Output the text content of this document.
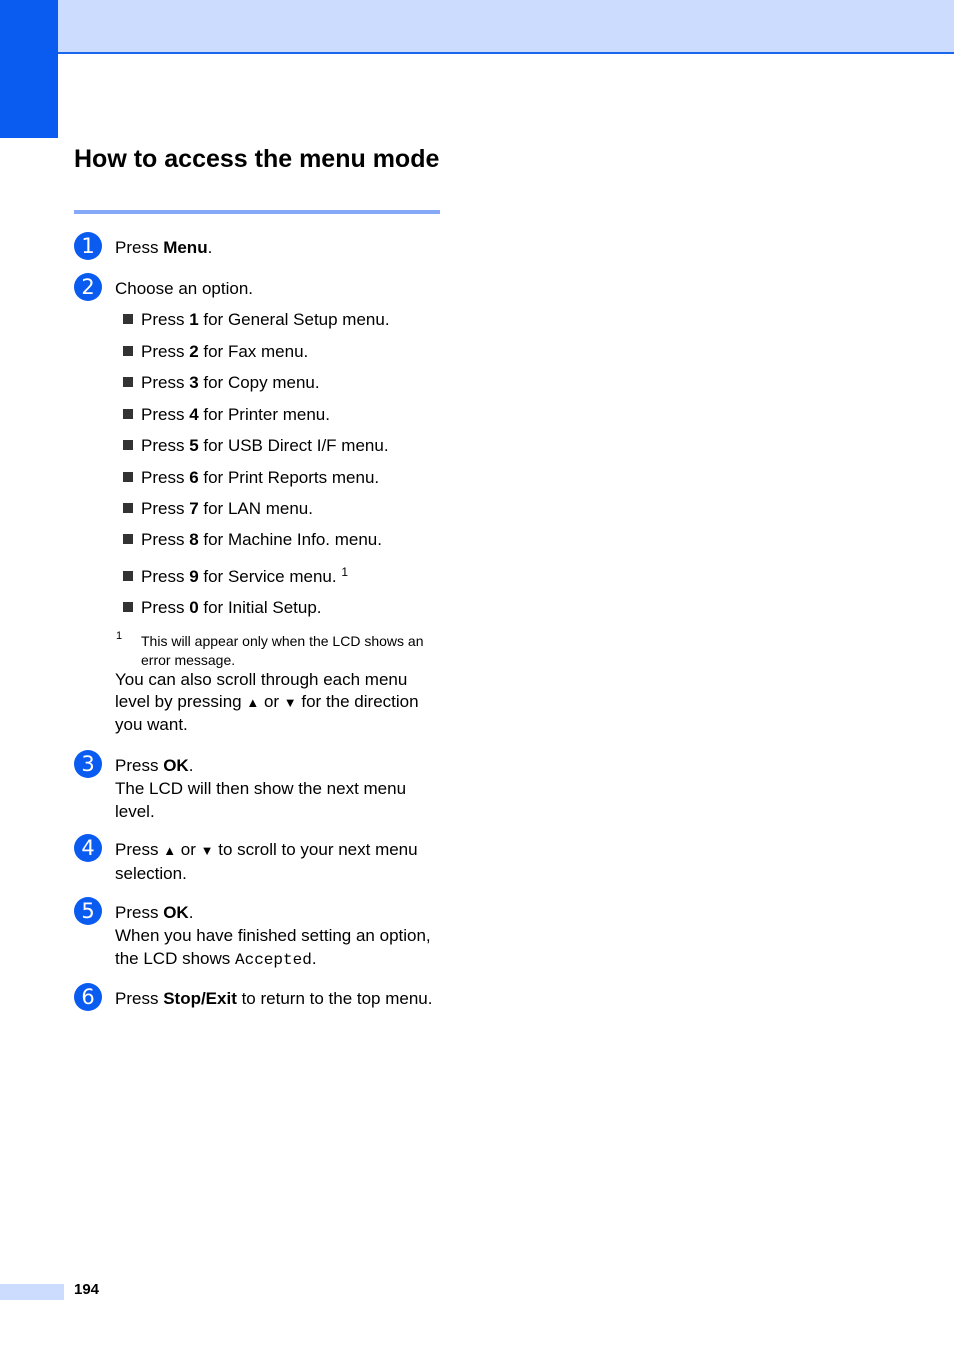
How to access the menu mode
1	Press Menu.
2	Choose an option.
Press 1 for General Setup menu.
Press 2 for Fax menu.
Press 3 for Copy menu.
Press 4 for Printer menu.
Press 5 for USB Direct I/F menu.
Press 6 for Print Reports menu.
Press 7 for LAN menu.
Press 8 for Machine Info. menu.
Press 9 for Service menu. $^1$
Press 0 for Initial Setup.
1 This will appear only when the LCD shows an error message.
You can also scroll through each menu level by pressing ▲ or ▼ for the direction you want.
3	Press OK.
The LCD will then show the next menu level.
4	Press ▲ or ▼ to scroll to your next menu selection.
5	Press OK.
When you have finished setting an option, the LCD shows Accepted.
6	Press Stop/Exit to return to the top menu.
194
